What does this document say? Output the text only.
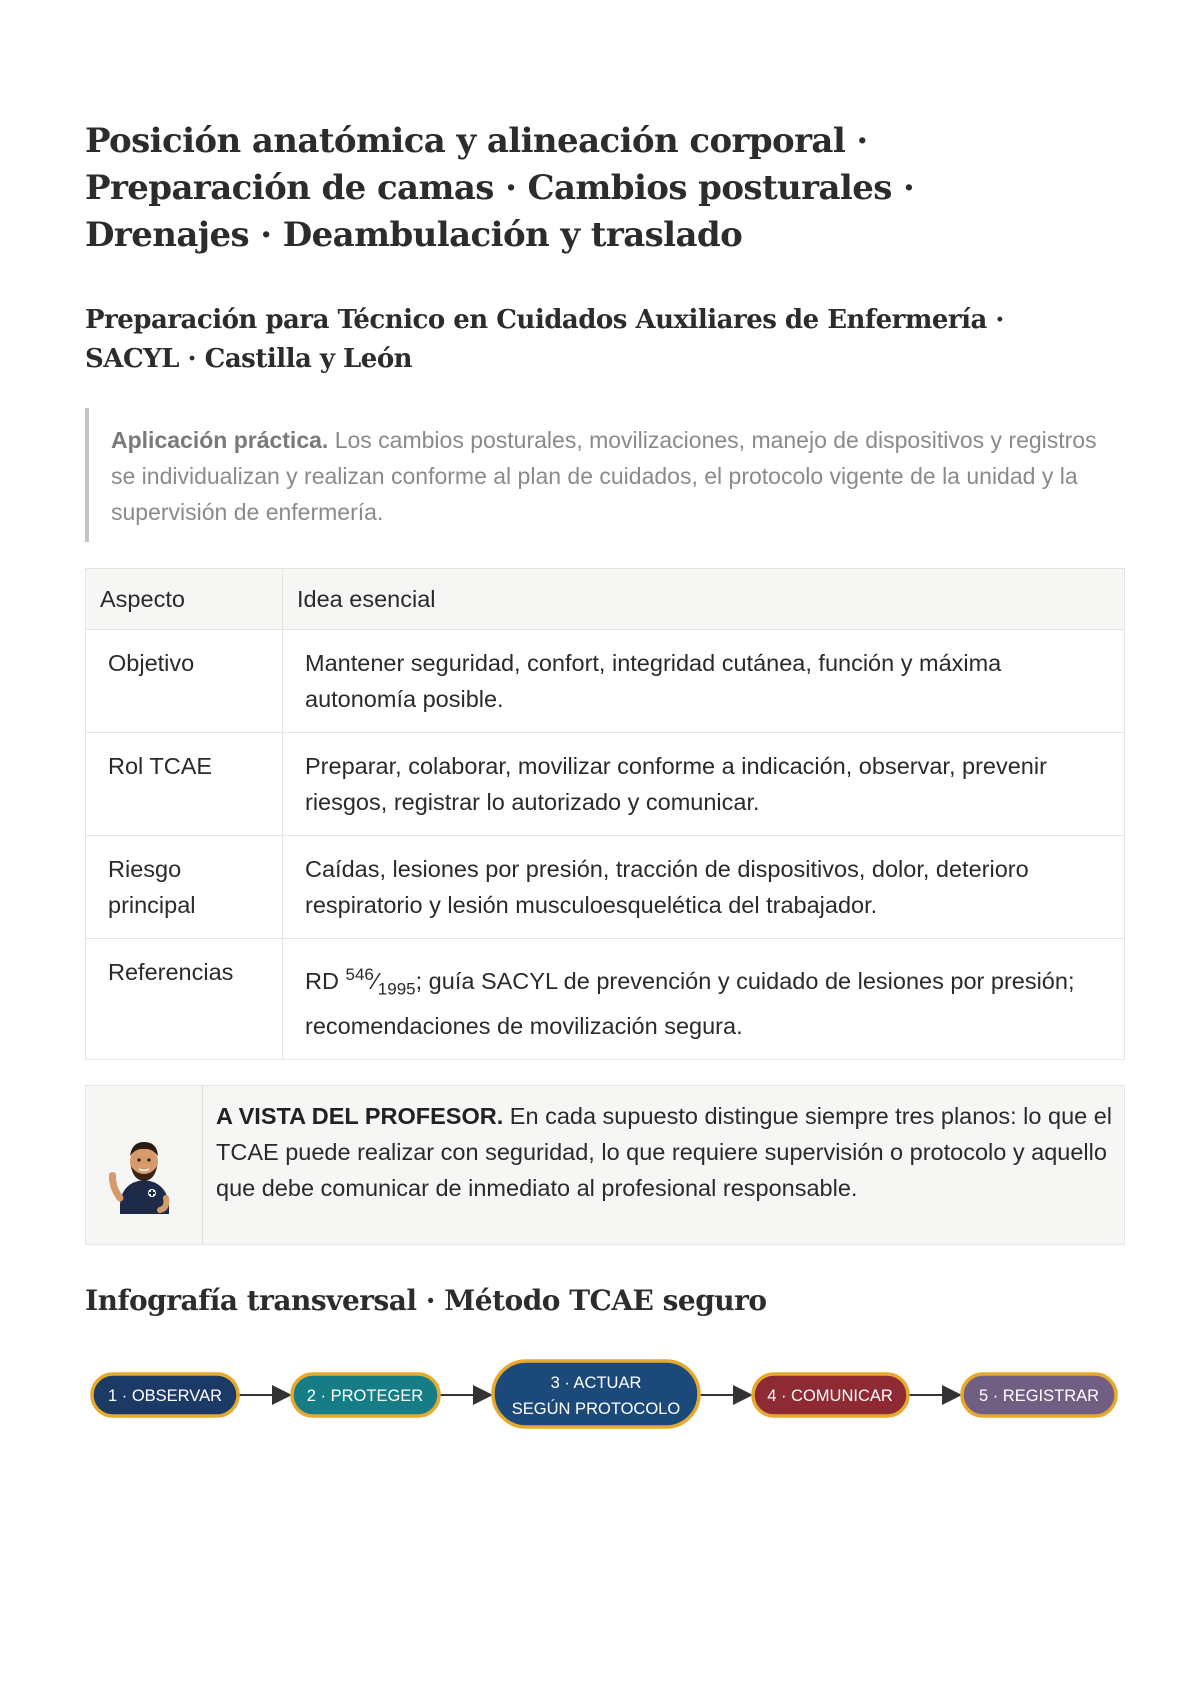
Posición anatómica y alineación corporal · Preparación de camas · Cambios posturales · Drenajes · Deambulación y traslado
Preparación para Técnico en Cuidados Auxiliares de Enfermería · SACYL · Castilla y León
Aplicación práctica. Los cambios posturales, movilizaciones, manejo de dispositivos y registros se individualizan y realizan conforme al plan de cuidados, el protocolo vigente de la unidad y la supervisión de enfermería.
Aspecto	Idea esencial
Objetivo	Mantener seguridad, confort, integridad cutánea, función y máxima autonomía posible.
Rol TCAE	Preparar, colaborar, movilizar conforme a indicación, observar, prevenir riesgos, registrar lo autorizado y comunicar.
Riesgo principal	Caídas, lesiones por presión, tracción de dispositivos, dolor, deterioro respiratorio y lesión musculoesquelética del trabajador.
Referencias	RD $^{546}⁄_{1995}$; guía SACYL de prevención y cuidado de lesiones por presión; recomendaciones de movilización segura.
A VISTA DEL PROFESOR. En cada supuesto distingue siempre tres planos: lo que el TCAE puede realizar con seguridad, lo que requiere supervisión o protocolo y aquello que debe comunicar de inmediato al profesional responsable.
Infografía transversal · Método TCAE seguro
1 · OBSERVAR	2 · PROTEGER
3 · ACTUAR
SEGÚN PROTOCOLO
4 · COMUNICAR	5 · REGISTRAR
